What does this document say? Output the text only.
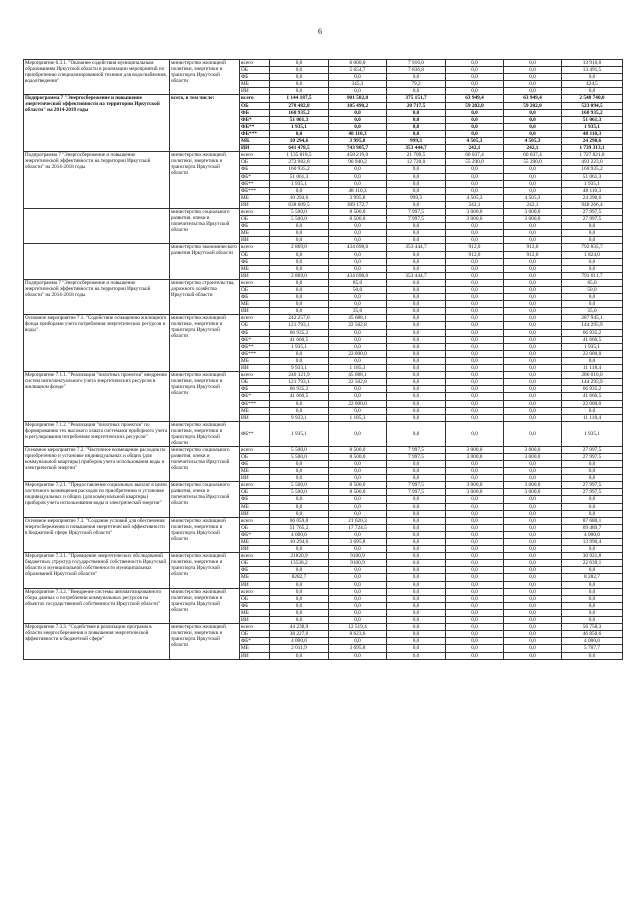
6
Мероприятие 6.3.1. "Оказание содействия муниципальным образованиям Иркутской области в реализации мероприятий по приобретению специализированной техники для водоснабжения, водоотведения"	министерство жилищной политики, энергетики и транспорта Иркутской области	всего	0,0	6 000,0	7 916,0	0,0	0,0	13 916,0
		ОБ	0,0	5 654,7	7 836,8	0,0	0,0	13 491,5
		ФБ	0,0	0,0	0,0	0,0	0,0	0,0
		МБ	0,0	345,3	79,2	0,0	0,0	424,5
		ИИ	0,0	0,0	0,0	0,0	0,0	0,0
Подпрограмма 7 "Энергосбережение и повышение энергетической эффективности на территории Иркутской области" на 2014-2018 годы	всего, в том числе:	всего	1 144 187,5	901 502,0	375 151,7	63 949,4	63 949,4	2 548 740,0
		ОБ	278 482,8	105 490,2	20 717,5	59 202,0	59 202,0	523 094,5
		ФБ	160 935,2	0,0	0,0	0,0	0,0	160 935,2
		ФБ*	51 061,3	0,0	0,0	0,0	0,0	51 061,3
		ФБ**	1 935,1	0,0	0,0	0,0	0,0	1 935,1
		ФБ***	0,0	48 110,3	0,0	0,0	0,0	48 110,3
		МБ	10 294,6	3 995,8	999,3	4 505,3	4 505,3	24 290,6
		ИИ	641 478,5	743 905,7	353 444,7	242,1	242,1	1 739 313,1
Подпрограмма 7 "Энергосбережение и повышение энергетической эффективности на территории Иркутской области" на 2014-2018 годы	министерство жилищной политики, энергетики и транспорта Иркутской области	всего	1 135 818,5	458 219,0	21 709,5	60 037,4	60 037,4	1 727 821,8
		ОБ	272 982,8	96 940,2	12 720,0	55 290,0	55 290,0	493 223,0
		ФБ	160 935,2	0,0	0,0	0,0	0,0	160 935,2
		ФБ*	51 061,3	0,0	0,0	0,0	0,0	51 061,3
		ФБ**	1 935,1	0,0	0,0	0,0	0,0	1 935,1
		ФБ***	0,0	48 110,3	0,0	0,0	0,0	48 110,3
		МБ	10 294,6	3 995,8	999,3	4 505,3	4 505,3	24 290,6
		ИИ	638 609,5	309 172,7	0,0	242,1	242,1	948 266,4
	министерство социального развития, опеки и попечительства Иркутской области	всего	5 500,0	8 500,0	7 997,5	3 000,0	3 000,0	27 997,5
		ОБ	5 500,0	8 500,0	7 997,5	3 000,0	3 000,0	27 997,5
		ФБ	0,0	0,0	0,0	0,0	0,0	0,0
		МБ	0,0	0,0	0,0	0,0	0,0	0,0
		ИИ	0,0	0,0	0,0	0,0	0,0	0,0
	министерство экономического развития Иркутской области	всего	2 869,0	434 698,0	353 444,7	912,0	912,0	792 835,7
		ОБ	0,0	0,0	0,0	912,0	912,0	1 824,0
		ФБ	0,0	0,0	0,0	0,0	0,0	0,0
		МБ	0,0	0,0	0,0	0,0	0,0	0,0
		ИИ	2 869,0	434 698,0	353 444,7	0,0	0,0	791 011,7
Подпрограмма 7 "Энергосбережение и повышение энергетической эффективности на территории Иркутской области" на 2014-2018 годы	министерство строительства, дорожного хозяйства Иркутской области	всего	0,0	85,0	0,0	0,0	0,0	85,0
		ОБ	0,0	50,0	0,0	0,0	0,0	50,0
		ФБ	0,0	0,0	0,0	0,0	0,0	0,0
		МБ	0,0	0,0	0,0	0,0	0,0	0,0
		ИИ	0,0	35,0	0,0	0,0	0,0	35,0
Основное мероприятие 7.1. "Содействие оснащению жилищного фонда приборами учета потребления энергетических ресурсов и воды"	министерство жилищной политики, энергетики и транспорта Иркутской области	всего	242 257,0	45 688,1	0,0	0,0	0,0	287 945,1
		ОБ	121 793,1	22 502,8	0,0	0,0	0,0	144 295,9
		ФБ	66 935,2	0,0	0,0	0,0	0,0	66 935,2
		ФБ*	41 660,5	0,0	0,0	0,0	0,0	41 660,5
		ФБ**	1 935,1	0,0	0,0	0,0	0,0	1 935,1
		ФБ***	0,0	22 000,0	0,0	0,0	0,0	22 000,0
		МБ	0,0	0,0	0,0	0,0	0,0	0,0
		ИИ	9 933,1	1 185,3	0,0	0,0	0,0	11 118,4
Мероприятие 7.1.1. "Реализация "пилотных проектов" внедрения систем интеллектуального учета энергетических ресурсов в жилищном фонде"	министерство жилищной политики, энергетики и транспорта Иркутской области	всего	240 321,9	45 688,1	0,0	0,0	0,0	286 010,0
		ОБ	121 793,1	22 502,8	0,0	0,0	0,0	144 295,9
		ФБ	66 935,2	0,0	0,0	0,0	0,0	66 935,2
		ФБ*	41 660,5	0,0	0,0	0,0	0,0	41 660,5
		ФБ***	0,0	22 000,0	0,0	0,0	0,0	22 000,0
		МБ	0,0	0,0	0,0	0,0	0,0	0,0
		ИИ	9 933,1	1 185,3	0,0	0,0	0,0	11 118,4
Мероприятие 7.1.2. "Реализация "пилотных проектов" по формированию тех высокого охвата системами приборного учета и регулирования потребления энергетических ресурсов"	министерство жилищной политики, энергетики и транспорта Иркутской области	ФБ**	1 935,1	0,0	0,0	0,0	0,0	1 935,1
Основное мероприятие 7.2. "Частичное возмещение расходов по приобретению и установке индивидуальных и общих (для коммунальной квартиры) приборов учета использования воды и электрической энергии"	министерство социального развития, опеки и попечительства Иркутской области	всего	5 500,0	8 500,0	7 997,5	3 000,0	3 000,0	27 997,5
		ОБ	5 500,0	8 500,0	7 997,5	3 000,0	3 000,0	27 997,5
		ФБ	0,0	0,0	0,0	0,0	0,0	0,0
		МБ	0,0	0,0	0,0	0,0	0,0	0,0
		ИИ	0,0	0,0	0,0	0,0	0,0	0,0
Мероприятие 7.2.1. "Предоставление социальных выплат в целях частичного возмещения расходов по приобретению и установке индивидуальных и общих (для коммунальной квартиры) приборов учета использования воды и электрической энергии"	министерство социального развития, опеки и попечительства Иркутской области	всего	5 500,0	8 500,0	7 997,5	3 000,0	3 000,0	27 997,5
		ОБ	5 500,0	8 500,0	7 997,5	3 000,0	3 000,0	27 997,5
		ФБ	0,0	0,0	0,0	0,0	0,0	0,0
		МБ	0,0	0,0	0,0	0,0	0,0	0,0
		ИИ	0,0	0,0	0,0	0,0	0,0	0,0
Основное мероприятие 7.3. "Создание условий для обеспечения энергосбережения и повышения энергетической эффективности в бюджетной сфере Иркутской области"	министерство жилищной политики, энергетики и транспорта Иркутской области	всего	66 059,8	21 620,3	0,0	0,0	0,0	87 680,1
		ОБ	51 765,2	17 724,5	0,0	0,0	0,0	69 489,7
		ФБ*	4 000,0	0,0	0,0	0,0	0,0	4 000,0
		МБ	10 294,6	3 695,8	0,0	0,0	0,0	13 990,4
		ИИ	0,0	0,0	0,0	0,0	0,0	0,0
Мероприятие 7.3.1. "Проведение энергетических обследований бюджетных структур государственной собственности Иркутской области и муниципальной собственности муниципальных образований Иркутской области"	министерство жилищной политики, энергетики и транспорта Иркутской области	всего	21820,9	9100,9	0,0	0,0	0,0	30 921,8
		ОБ	13538,2	9100,9	0,0	0,0	0,0	22 639,1
		ФБ	0,0	0,0	0,0	0,0	0,0	0,0
		МБ	8282,7	0,0	0,0	0,0	0,0	8 282,7
		ИИ	0,0	0,0	0,0	0,0	0,0	0,0
Мероприятие 7.3.2. "Внедрение системы автоматизированного сбора данных о потреблении коммунальных ресурсов на объектах государственной собственности Иркутской области"	министерство жилищной политики, энергетики и транспорта Иркутской области	всего	0,0	0,0	0,0	0,0	0,0	0,0
		ОБ	0,0	0,0	0,0	0,0	0,0	0,0
		ФБ	0,0	0,0	0,0	0,0	0,0	0,0
		МБ	0,0	0,0	0,0	0,0	0,0	0,0
		ИИ	0,0	0,0	0,0	0,0	0,0	0,0
Мероприятие 7.3.3. "Содействие в реализации программ в области энергосбережения и повышения энергетической эффективности в бюджетной сфере"	министерство жилищной политики, энергетики и транспорта Иркутской области	всего	44 238,9	12 519,4	0,0	0,0	0,0	56 758,3
		ОБ	38 227,0	8 623,6	0,0	0,0	0,0	46 850,6
		ФБ*	4 000,0	0,0	0,0	0,0	0,0	4 000,0
		МБ	2 011,9	3 695,8	0,0	0,0	0,0	5 707,7
		ИИ	0,0	0,0	0,0	0,0	0,0	0,0
